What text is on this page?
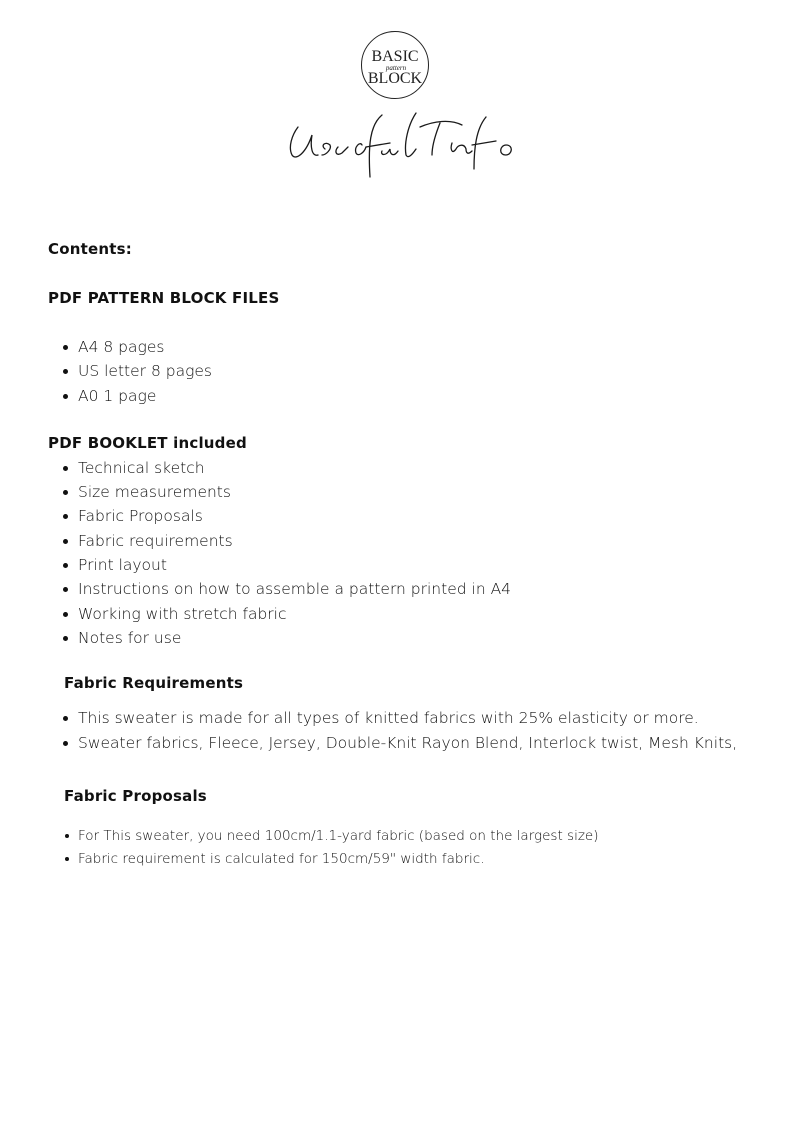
BASIC
pattern
BLOCK
Useful Info

Contents:

PDF PATTERN BLOCK FILES

A4 8 pages
US letter 8 pages
A0 1 page

PDF BOOKLET included

Technical sketch
Size measurements
Fabric Proposals
Fabric requirements
Print layout
Instructions on how to assemble a pattern printed in A4
Working with stretch fabric
Notes for use

Fabric Requirements

This sweater is made for all types of knitted fabrics with 25% elasticity or more.
Sweater fabrics, Fleece, Jersey, Double-Knit Rayon Blend, Interlock twist, Mesh Knits,

Fabric Proposals

For This sweater, you need 100cm/1.1-yard fabric (based on the largest size)
Fabric requirement is calculated for 150cm/59" width fabric.
